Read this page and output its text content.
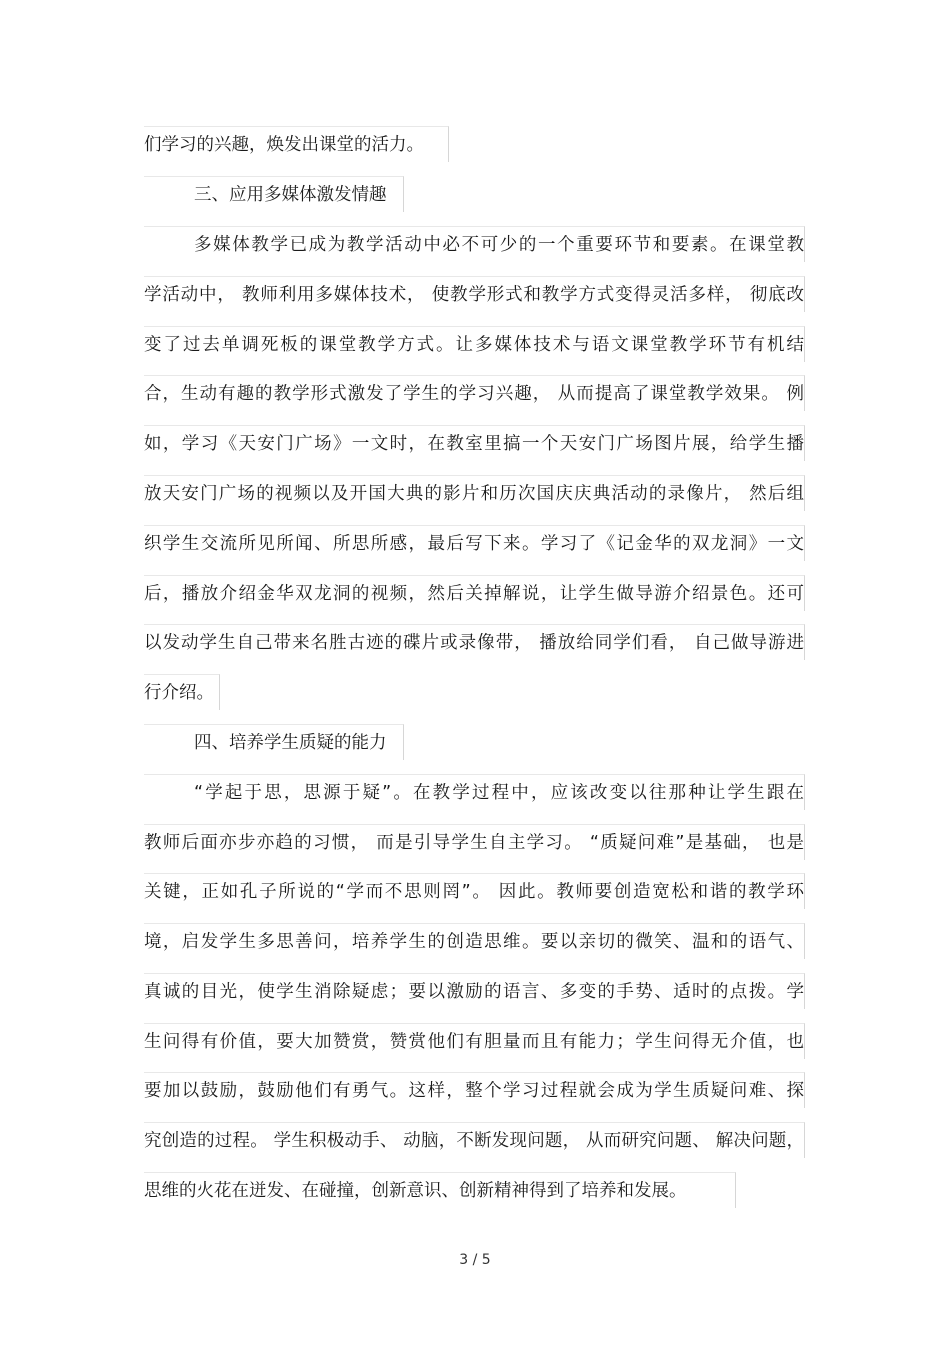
们学习的兴趣，焕发出课堂的活力。
三、应用多媒体激发情趣
多媒体教学已成为教学活动中必不可少的一个重要环节和要素。在课堂教
学活动中， 教师利用多媒体技术， 使教学形式和教学方式变得灵活多样， 彻底改
变了过去单调死板的课堂教学方式。让多媒体技术与语文课堂教学环节有机结
合，生动有趣的教学形式激发了学生的学习兴趣， 从而提高了课堂教学效果。 例
如，学习《天安门广场》一文时，在教室里搞一个天安门广场图片展，给学生播
放天安门广场的视频以及开国大典的影片和历次国庆庆典活动的录像片， 然后组
织学生交流所见所闻、所思所感，最后写下来。学习了《记金华的双龙洞》一文
后，播放介绍金华双龙洞的视频，然后关掉解说，让学生做导游介绍景色。还可
以发动学生自己带来名胜古迹的碟片或录像带， 播放给同学们看， 自己做导游进
行介绍。
四、培养学生质疑的能力
“学起于思，思源于疑”。在教学过程中，应该改变以往那种让学生跟在
教师后面亦步亦趋的习惯， 而是引导学生自主学习。 “质疑问难”是基础， 也是
关键，正如孔子所说的“学而不思则罔”。 因此。教师要创造宽松和谐的教学环
境，启发学生多思善问，培养学生的创造思维。要以亲切的微笑、温和的语气、
真诚的目光，使学生消除疑虑；要以激励的语言、多变的手势、适时的点拨。学
生问得有价值，要大加赞赏，赞赏他们有胆量而且有能力；学生问得无介值，也
要加以鼓励，鼓励他们有勇气。这样，整个学习过程就会成为学生质疑问难、探
究创造的过程。 学生积极动手、 动脑，不断发现问题， 从而研究问题、 解决问题，
思维的火花在迸发、在碰撞，创新意识、创新精神得到了培养和发展。
3 / 5
